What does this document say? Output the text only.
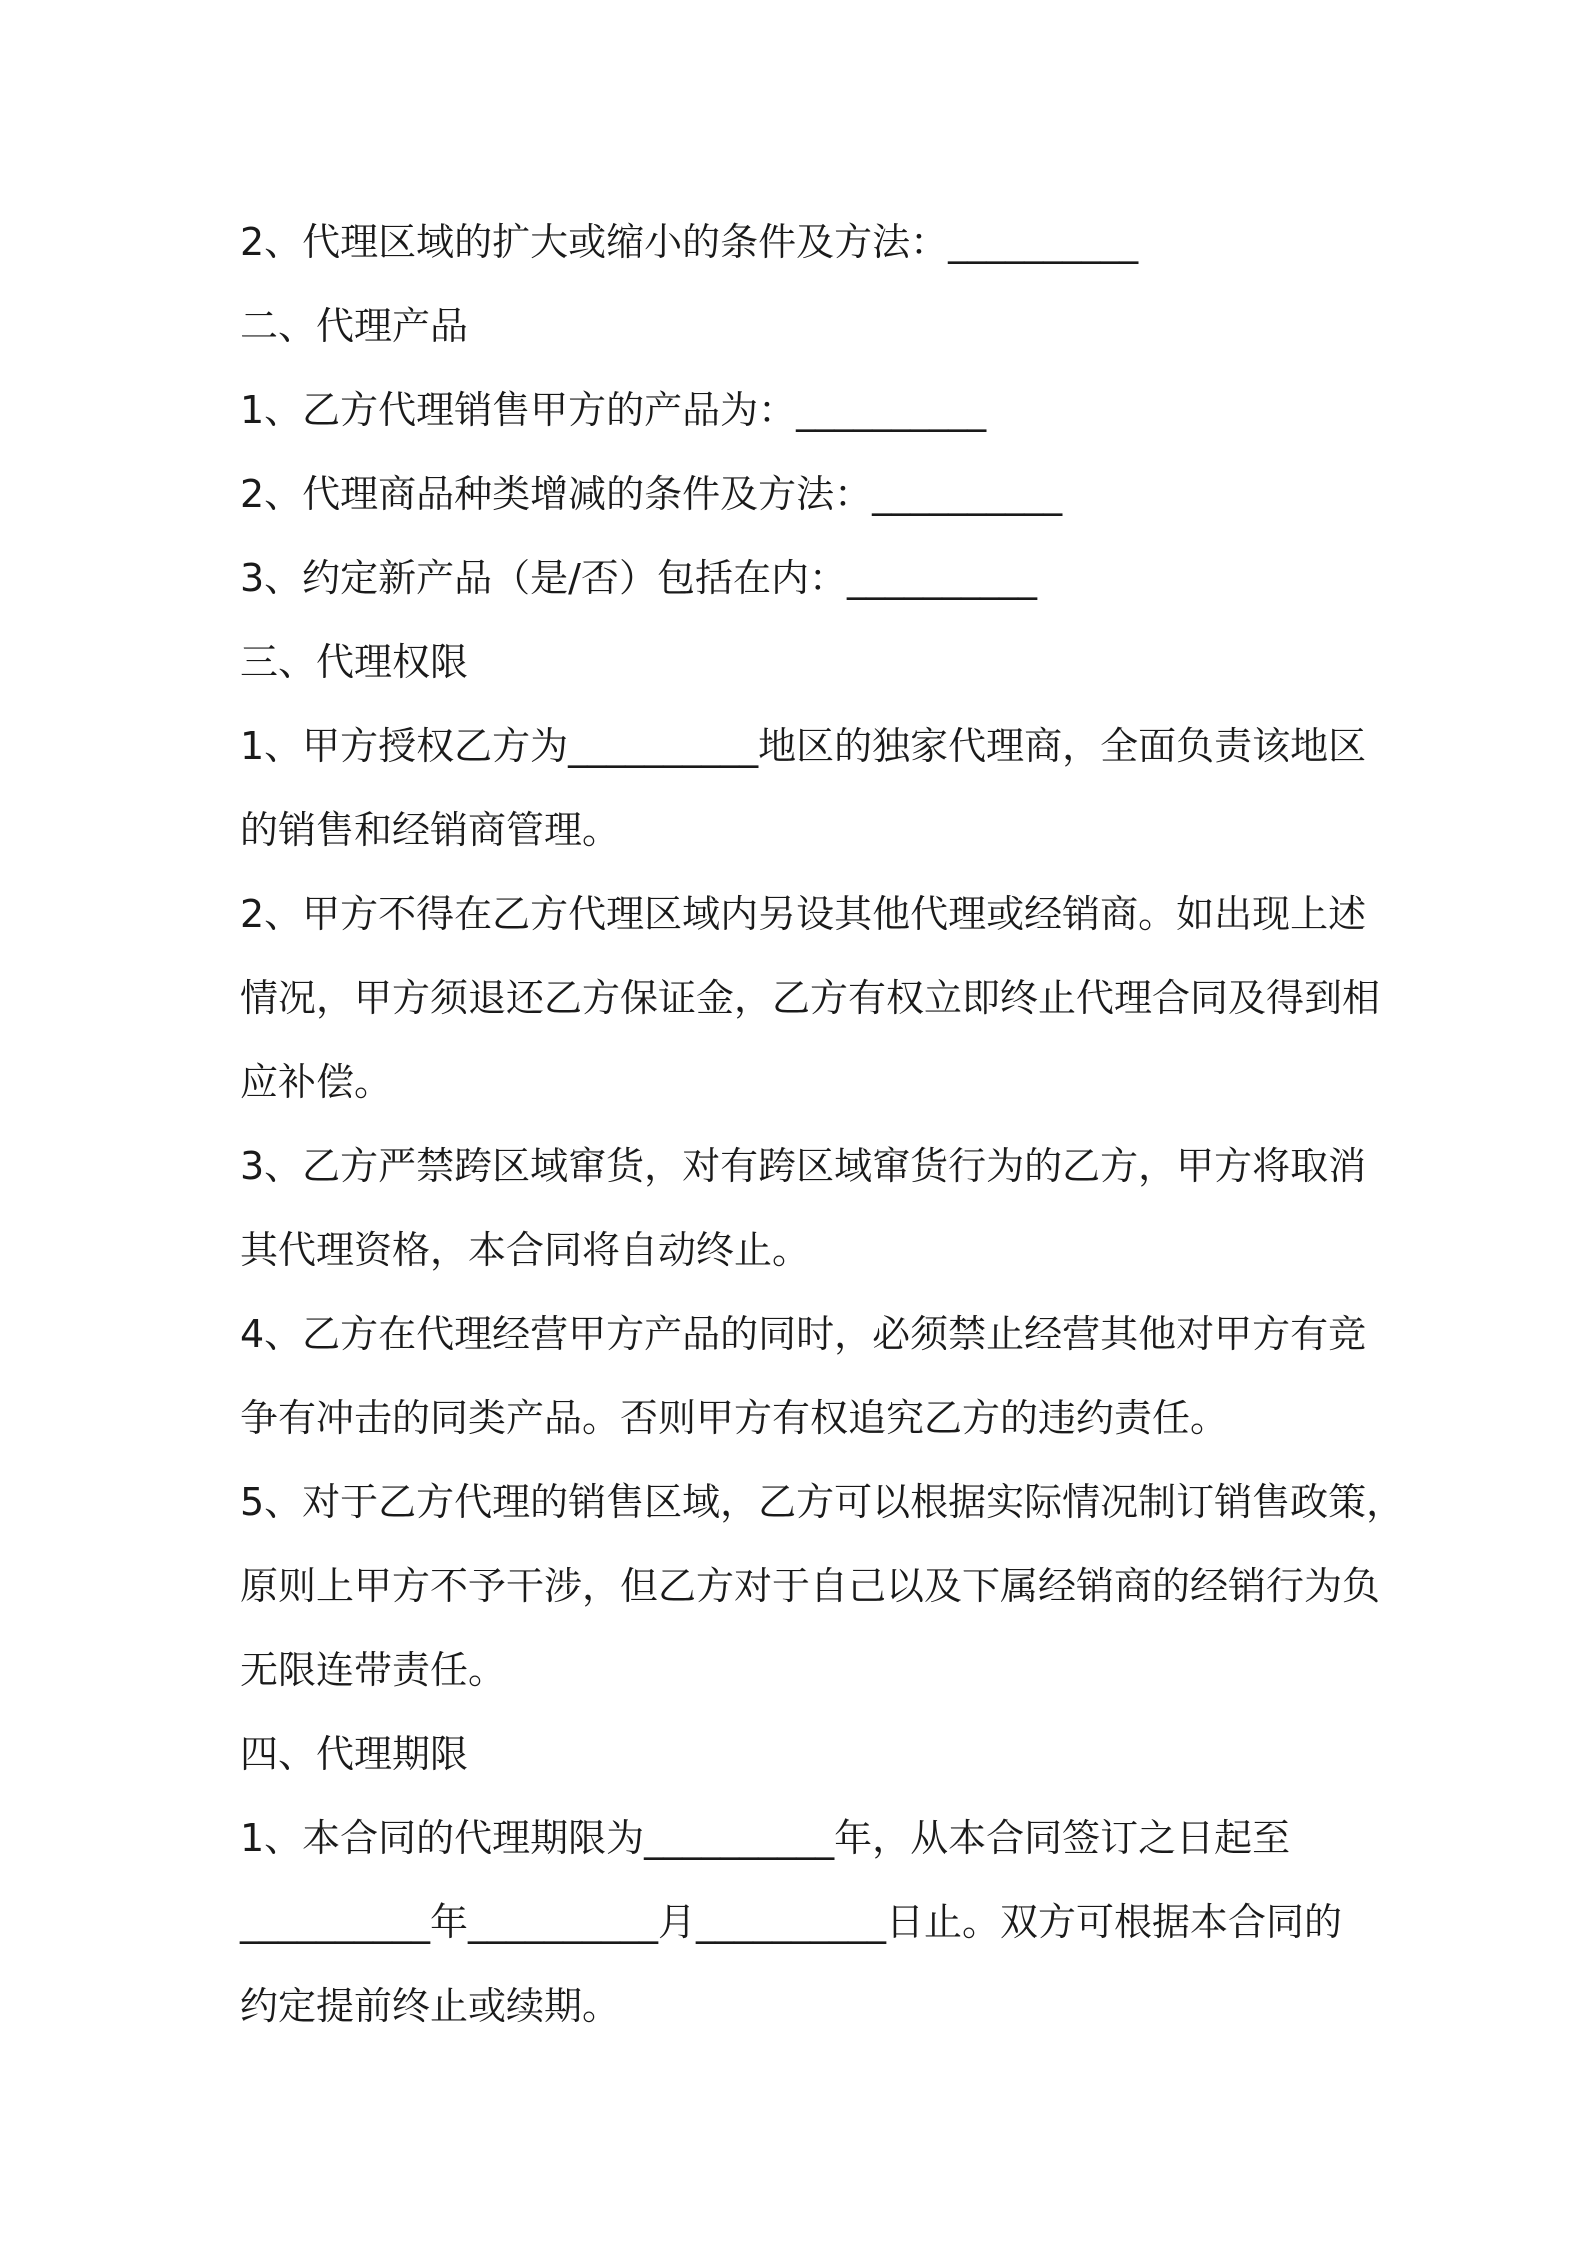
2、代理区域的扩大或缩小的条件及方法：__________
二、代理产品
1、乙方代理销售甲方的产品为：__________
2、代理商品种类增减的条件及方法：__________
3、约定新产品（是/否）包括在内：__________
三、代理权限
1、甲方授权乙方为__________地区的独家代理商，全面负责该地区
的销售和经销商管理。
2、甲方不得在乙方代理区域内另设其他代理或经销商。如出现上述
情况，甲方须退还乙方保证金，乙方有权立即终止代理合同及得到相
应补偿。
3、乙方严禁跨区域窜货，对有跨区域窜货行为的乙方，甲方将取消
其代理资格，本合同将自动终止。
4、乙方在代理经营甲方产品的同时，必须禁止经营其他对甲方有竞
争有冲击的同类产品。否则甲方有权追究乙方的违约责任。
5、对于乙方代理的销售区域，乙方可以根据实际情况制订销售政策，
原则上甲方不予干涉，但乙方对于自己以及下属经销商的经销行为负
无限连带责任。
四、代理期限
1、本合同的代理期限为__________年，从本合同签订之日起至
__________年__________月__________日止。双方可根据本合同的
约定提前终止或续期。
